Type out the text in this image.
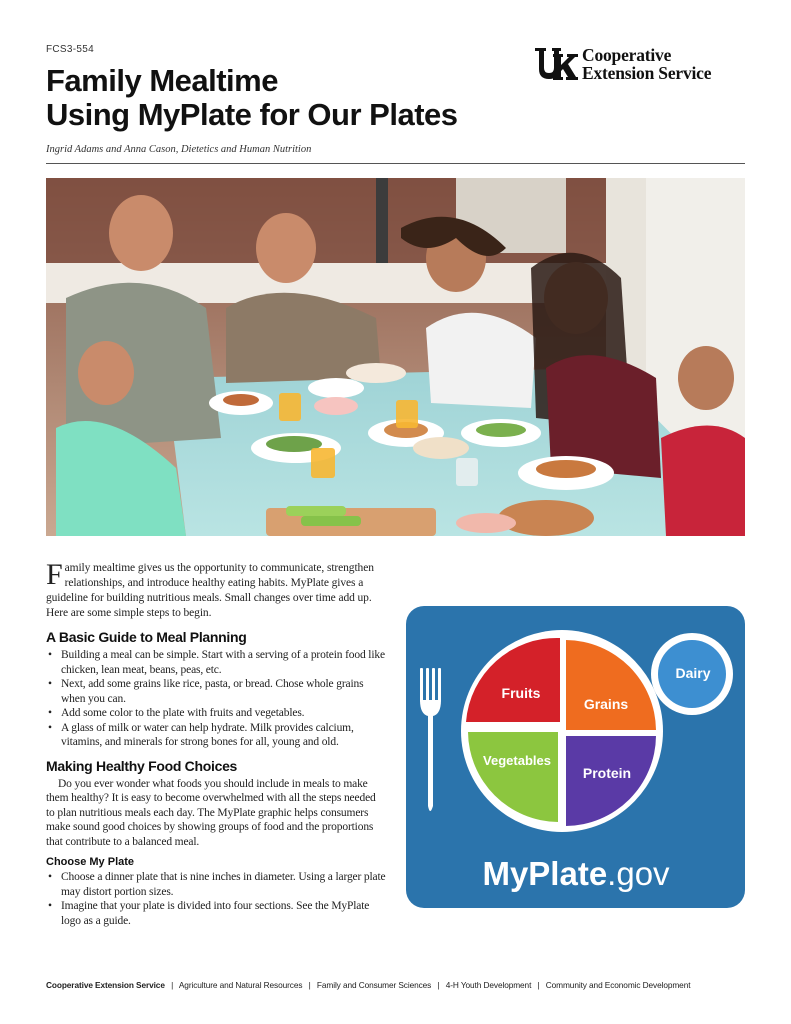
FCS3-554
Family Mealtime
Using MyPlate for Our Plates
Cooperative
Extension Service
Ingrid Adams and Anna Cason, Dietetics and Human Nutrition

Family mealtime gives us the opportunity to communicate, strengthen relationships, and introduce healthy eating habits. MyPlate gives a guideline for building nutritious meals. Small changes over time add up. Here are some simple steps to begin.

A Basic Guide to Meal Planning
• Building a meal can be simple. Start with a serving of a protein food like chicken, lean meat, beans, peas, etc.
• Next, add some grains like rice, pasta, or bread. Chose whole grains when you can.
• Add some color to the plate with fruits and vegetables.
• A glass of milk or water can help hydrate. Milk provides calcium, vitamins, and minerals for strong bones for all, young and old.
Making Healthy Food Choices

Do you ever wonder what foods you should include in meals to make them healthy? It is easy to become overwhelmed with all the steps needed to plan nutritious meals each day. The MyPlate graphic helps consumers make sound good choices by showing groups of food and the proportions that contribute to a balanced meal.

Choose My Plate
• Choose a dinner plate that is nine inches in diameter. Using a larger plate may distort portion sizes.
• Imagine that your plate is divided into four sections. See the MyPlate logo as a guide.
Fruits
Grains
Vegetables
Protein
Dairy
MyPlate.gov
Cooperative Extension Service | Agriculture and Natural Resources | Family and Consumer Sciences | 4-H Youth Development | Community and Economic Development
